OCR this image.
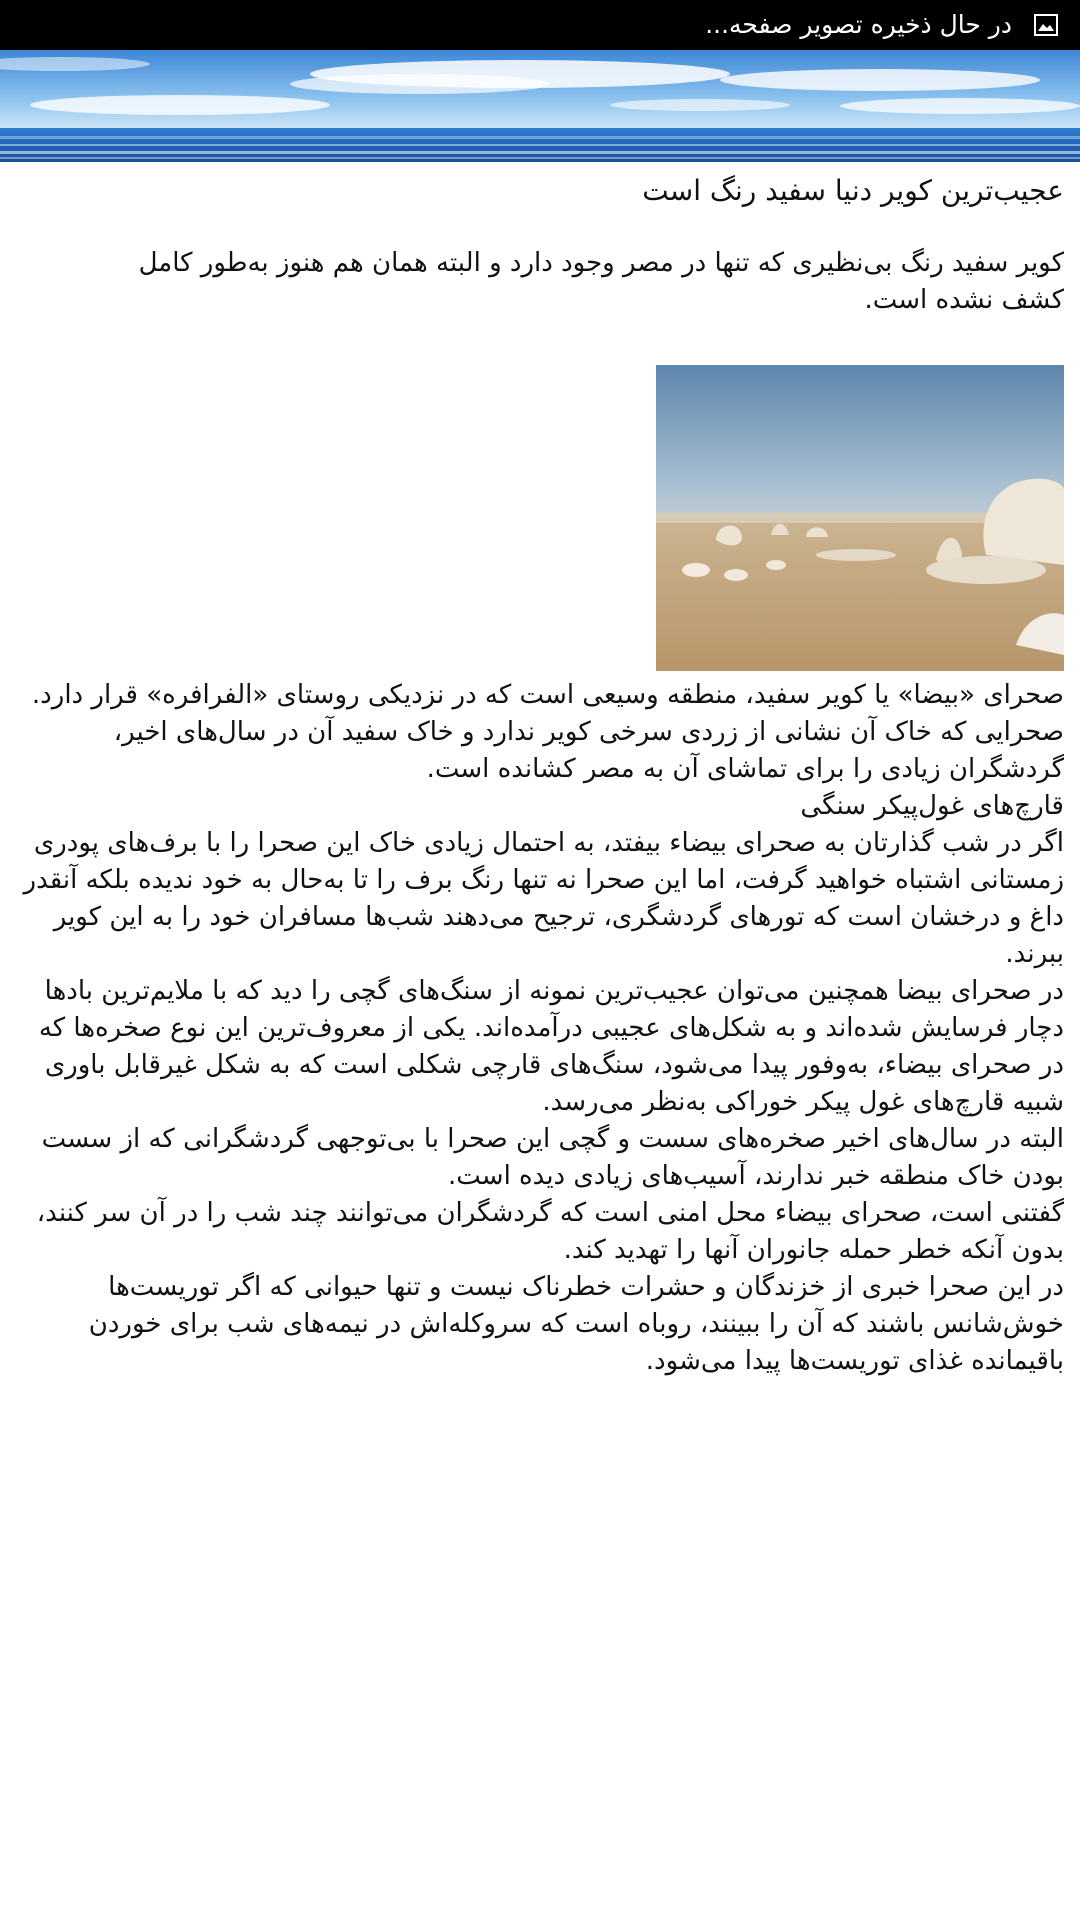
در حال ذخیره تصویر صفحه...

عجیب‌ترین کویر دنیا سفید رنگ است

کویر سفید رنگ بی‌نظیری که تنها در مصر وجود دارد و البته همان هم هنوز به‌طور کامل کشف نشده است.

صحرای «بیضا» یا کویر سفید، منطقه وسیعی است که در نزدیکی روستای «الفرافره» قرار دارد. صحرایی که خاک آن نشانی از زردی سرخی کویر ندارد و خاک سفید آن در سال‌های اخیر، گردشگران زیادی را برای تماشای آن به مصر کشانده است.

قارچ‌های غول‌پیکر سنگی

اگر در شب گذارتان به صحرای بیضاء بیفتد، به احتمال زیادی خاک این صحرا را با برف‌های پودری زمستانی اشتباه خواهید گرفت، اما این صحرا نه تنها رنگ برف را تا به‌حال به خود ندیده بلکه آنقدر داغ و درخشان است که تورهای گردشگری، ترجیح می‌دهند شب‌ها مسافران خود را به این کویر ببرند.

در صحرای بیضا همچنین می‌توان عجیب‌ترین نمونه از سنگ‌های گچی را دید که با ملایم‌ترین بادها دچار فرسایش شده‌اند و به شکل‌های عجیبی درآمده‌اند. یکی از معروف‌ترین این نوع صخره‌ها که در صحرای بیضاء، به‌وفور پیدا می‌شود، سنگ‌های قارچی شکلی است که به شکل غیرقابل باوری شبیه قارچ‌های غول پیکر خوراکی به‌نظر می‌رسد.

البته در سال‌های اخیر صخره‌های سست و گچی این صحرا با بی‌توجهی گردشگرانی که از سست بودن خاک منطقه خبر ندارند، آسیب‌های زیادی دیده است.

گفتنی است، صحرای بیضاء محل امنی است که گردشگران می‌توانند چند شب را در آن سر کنند، بدون آنکه خطر حمله جانوران آنها را تهدید کند.

در این صحرا خبری از خزندگان و حشرات خطرناک نیست و تنها حیوانی که اگر توریست‌ها خوش‌شانس باشند که آن را ببینند، روباه است که سروکله‌اش در نیمه‌های شب برای خوردن باقیمانده غذای توریست‌ها پیدا می‌شود.
